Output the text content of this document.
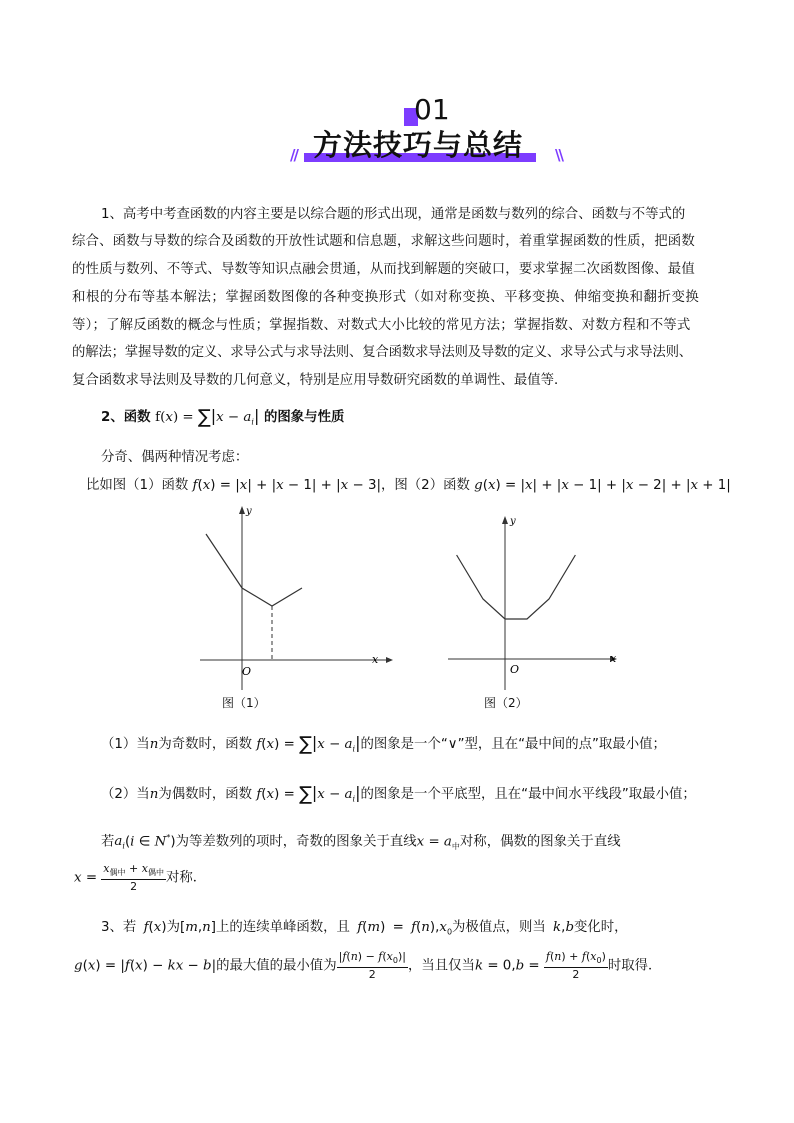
01
方法技巧与总结
//	\\
1、高考中考查函数的内容主要是以综合题的形式出现，通常是函数与数列的综合、函数与不等式的
综合、函数与导数的综合及函数的开放性试题和信息题，求解这些问题时，着重掌握函数的性质，把函数
的性质与数列、不等式、导数等知识点融会贯通，从而找到解题的突破口，要求掌握二次函数图像、最值
和根的分布等基本解法；掌握函数图像的各种变换形式（如对称变换、平移变换、伸缩变换和翻折变换
等）；了解反函数的概念与性质；掌握指数、对数式大小比较的常见方法；掌握指数、对数方程和不等式
的解法；掌握导数的定义、求导公式与求导法则、复合函数求导法则及导数的定义、求导公式与求导法则、
复合函数求导法则及导数的几何意义，特别是应用导数研究函数的单调性、最值等．
2、函数 $f(x) = \sum|x - a_i|$ 的图象与性质
分奇、偶两种情况考虑：
比如图（1）函数 f(x) = |x| + |x − 1| + |x − 3|，图（2）函数 g(x) = |x| + |x − 1| + |x − 2| + |x + 1|
y
x
O
图（1）
y
x
O
图（2）
（1）当n为奇数时，函数 $f(x) = \sum|x - a_i|$的图象是一个“∨”型，且在“最中间的点”取最小值；
（2）当n为偶数时，函数 $f(x) = \sum|x - a_i|$的图象是一个平底型，且在“最中间水平线段”取最小值；
若$a_i(i$ ∈ N*)为等差数列的项时，奇数的图象关于直线$x = a_中$对称，偶数的图象关于直线
$x = \frac{x_{偶中} + x_{偶中}}{2}$ 对称．
3、若 f(x)为[m,n]上的连续单峰函数，且 $f(m) = f(n),x_0$为极值点，则当 k,b变化时，
g(x) = |f(x) − kx − b|的最大值的最小值为 $\frac{|f(n) - f(x_0)|}{2}$ ，当且仅当$k = 0,b = \frac{f(n) + f(x_0)}{2}$ 时取得．
